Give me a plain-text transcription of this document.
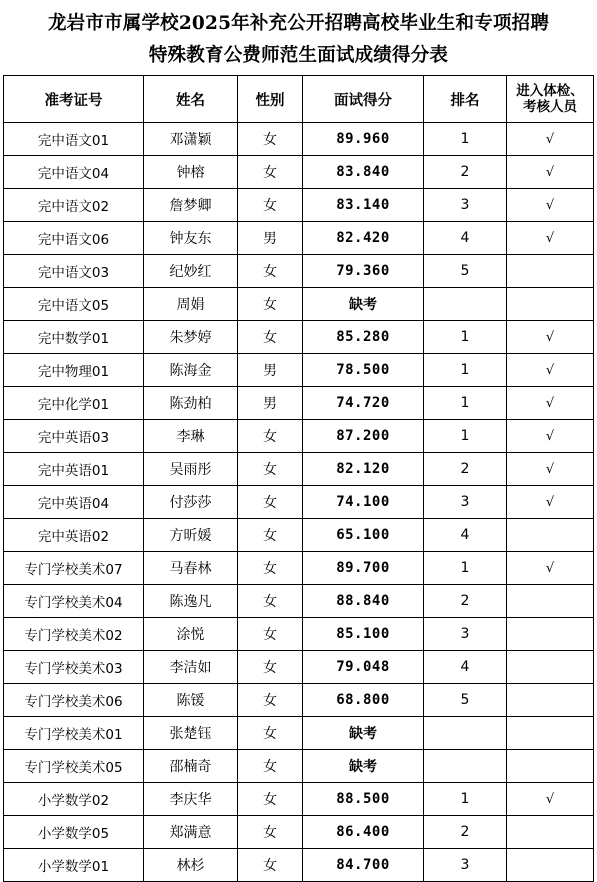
龙岩市市属学校2025年补充公开招聘高校毕业生和专项招聘
特殊教育公费师范生面试成绩得分表
准考证号	姓名	性别	面试得分	排名	进入体检、
考核人员
完中语文01	邓潇颖	女	89.960	1	√
完中语文04	钟榕	女	83.840	2	√
完中语文02	詹梦卿	女	83.140	3	√
完中语文06	钟友东	男	82.420	4	√
完中语文03	纪妙红	女	79.360	5	
完中语文05	周娟	女	缺考		
完中数学01	朱梦婷	女	85.280	1	√
完中物理01	陈海金	男	78.500	1	√
完中化学01	陈劲柏	男	74.720	1	√
完中英语03	李琳	女	87.200	1	√
完中英语01	吴雨彤	女	82.120	2	√
完中英语04	付莎莎	女	74.100	3	√
完中英语02	方昕媛	女	65.100	4	
专门学校美术07	马春林	女	89.700	1	√
专门学校美术04	陈逸凡	女	88.840	2	
专门学校美术02	涂悦	女	85.100	3	
专门学校美术03	李洁如	女	79.048	4	
专门学校美术06	陈锾	女	68.800	5	
专门学校美术01	张楚钰	女	缺考		
专门学校美术05	邵楠奇	女	缺考		
小学数学02	李庆华	女	88.500	1	√
小学数学05	郑满意	女	86.400	2	
小学数学01	林杉	女	84.700	3	
